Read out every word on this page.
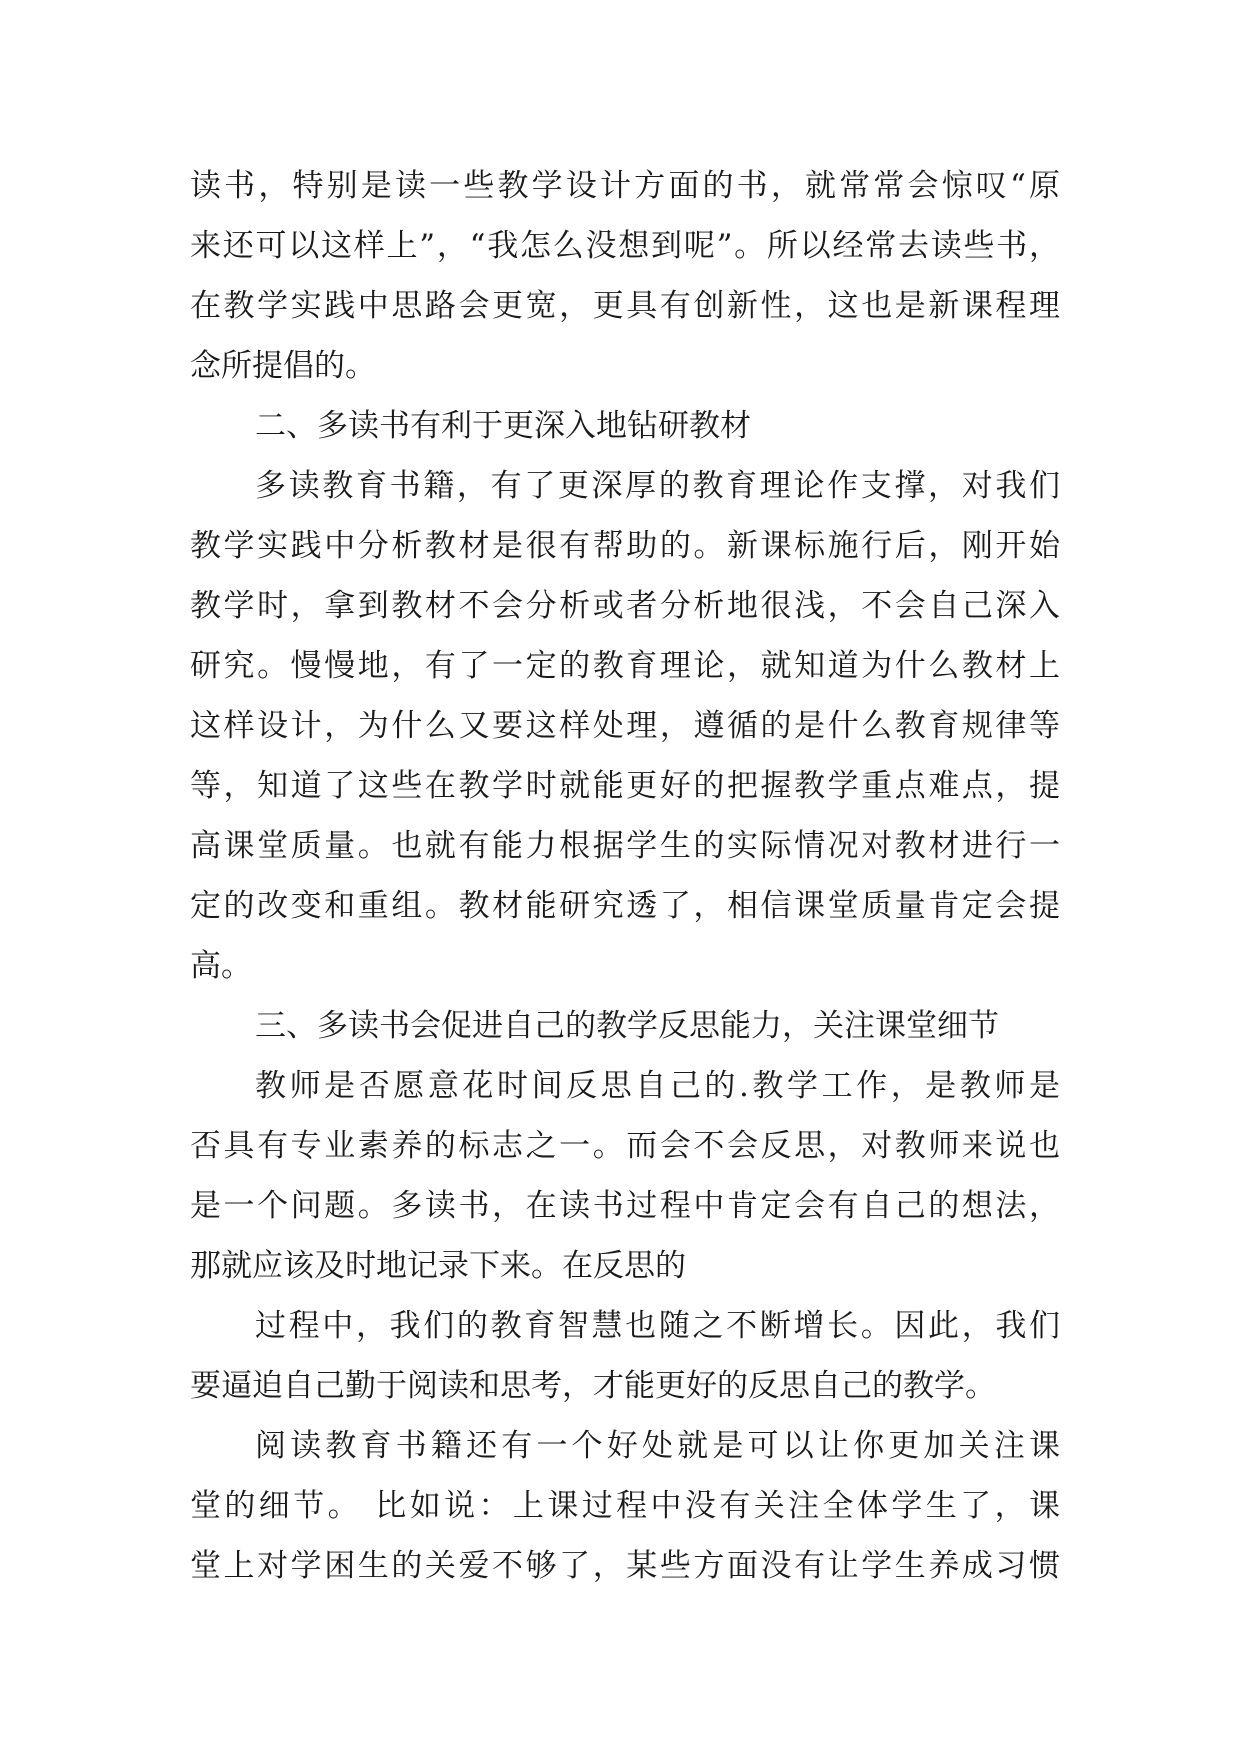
读书，特别是读一些教学设计方面的书，就常常会惊叹“原
来还可以这样上”，“我怎么没想到呢”。所以经常去读些书，
在教学实践中思路会更宽，更具有创新性，这也是新课程理
念所提倡的。
二、多读书有利于更深入地钻研教材
多读教育书籍，有了更深厚的教育理论作支撑，对我们
教学实践中分析教材是很有帮助的。新课标施行后，刚开始
教学时，拿到教材不会分析或者分析地很浅，不会自己深入
研究。慢慢地，有了一定的教育理论，就知道为什么教材上
这样设计，为什么又要这样处理，遵循的是什么教育规律等
等，知道了这些在教学时就能更好的把握教学重点难点，提
高课堂质量。也就有能力根据学生的实际情况对教材进行一
定的改变和重组。教材能研究透了，相信课堂质量肯定会提
高。
三、多读书会促进自己的教学反思能力，关注课堂细节
教师是否愿意花时间反思自己的.教学工作，是教师是
否具有专业素养的标志之一。而会不会反思，对教师来说也
是一个问题。多读书，在读书过程中肯定会有自己的想法，
那就应该及时地记录下来。在反思的
过程中，我们的教育智慧也随之不断增长。因此，我们
要逼迫自己勤于阅读和思考，才能更好的反思自己的教学。
阅读教育书籍还有一个好处就是可以让你更加关注课
堂的细节。 比如说：上课过程中没有关注全体学生了，课
堂上对学困生的关爱不够了，某些方面没有让学生养成习惯
